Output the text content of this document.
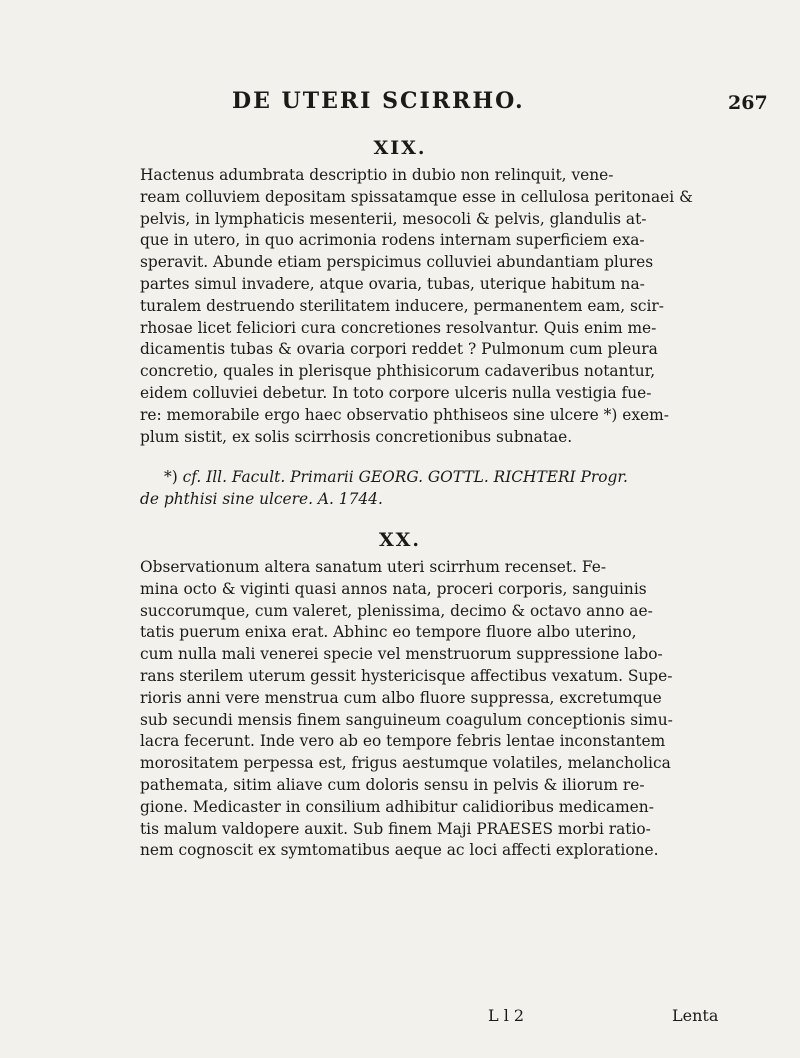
DE UTERI SCIRRHO.	267
XIX.
Hactenus adumbrata descriptio in dubio non relinquit, vene-
ream colluviem depositam spissatamque esse in cellulosa peritonaei &
pelvis, in lymphaticis mesenterii, mesocoli & pelvis, glandulis at-
que in utero, in quo acrimonia rodens internam superficiem exa-
speravit. Abunde etiam perspicimus colluviei abundantiam plures
partes simul invadere, atque ovaria, tubas, uterique habitum na-
turalem destruendo sterilitatem inducere, permanentem eam, scir-
rhosae licet feliciori cura concretiones resolvantur. Quis enim me-
dicamentis tubas & ovaria corpori reddet ? Pulmonum cum pleura
concretio, quales in plerisque phthisicorum cadaveribus notantur,
eidem colluviei debetur. In toto corpore ulceris nulla vestigia fue-
re: memorabile ergo haec observatio phthiseos sine ulcere *) exem-
plum sistit, ex solis scirrhosis concretionibus subnatae.
*) cf. Ill. Facult. Primarii GEORG. GOTTL. RICHTERI Progr.
de phthisi sine ulcere. A. 1744.
XX.
Observationum altera sanatum uteri scirrhum recenset. Fe-
mina octo & viginti quasi annos nata, proceri corporis, sanguinis
succorumque, cum valeret, plenissima, decimo & octavo anno ae-
tatis puerum enixa erat. Abhinc eo tempore fluore albo uterino,
cum nulla mali venerei specie vel menstruorum suppressione labo-
rans sterilem uterum gessit hystericisque affectibus vexatum. Supe-
rioris anni vere menstrua cum albo fluore suppressa, excretumque
sub secundi mensis finem sanguineum coagulum conceptionis simu-
lacra fecerunt. Inde vero ab eo tempore febris lentae inconstantem
morositatem perpessa est, frigus aestumque volatiles, melancholica
pathemata, sitim aliave cum doloris sensu in pelvis & iliorum re-
gione. Medicaster in consilium adhibitur calidioribus medicamen-
tis malum valdopere auxit. Sub finem Maji PRAESES morbi ratio-
nem cognoscit ex symtomatibus aeque ac loci affecti exploratione.
L l 2	Lenta
